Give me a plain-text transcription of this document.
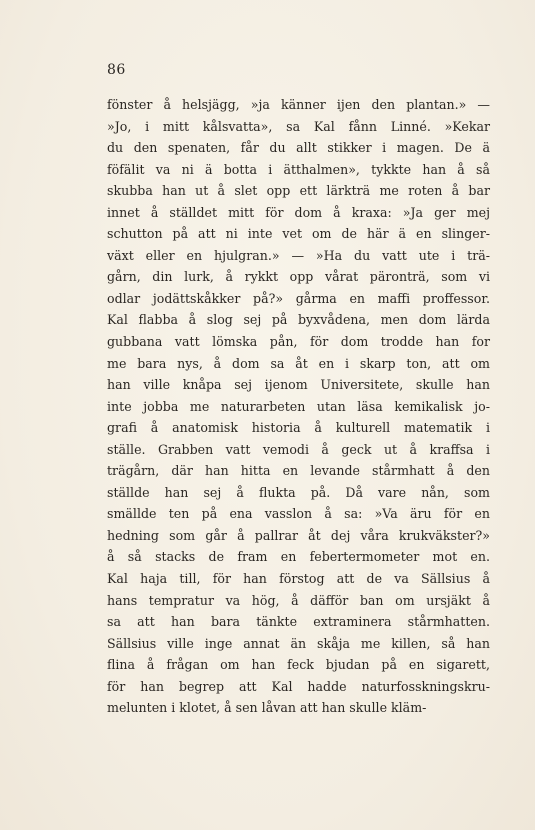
86
fönster å helsjägg, »ja känner ijen den plantan.» —
»Jo, i mitt kålsvatta», sa Kal fånn Linné. »Kekar
du den spenaten, får du allt stikker i magen. De ä
föfälit va ni ä botta i ätthalmen», tykkte han å så
skubba han ut å slet opp ett lärkträ me roten å bar
innet å ställdet mitt för dom å kraxa: »Ja ger mej
schutton på att ni inte vet om de här ä en slinger-
växt eller en hjulgran.» — »Ha du vatt ute i trä-
gårn, din lurk, å rykkt opp vårat päronträ, som vi
odlar jodättskåkker på?» gårma en maffi proffessor.
Kal flabba å slog sej på byxvådena, men dom lärda
gubbana vatt lömska pån, för dom trodde han for
me bara nys, å dom sa åt en i skarp ton, att om
han ville knåpa sej ijenom Universitete, skulle han
inte jobba me naturarbeten utan läsa kemikalisk jo-
grafi å anatomisk historia å kulturell matematik i
ställe. Grabben vatt vemodi å geck ut å kraffsa i
trägårn, där han hitta en levande stårmhatt å den
ställde han sej å flukta på. Då vare nån, som
smällde ten på ena vasslon å sa: »Va äru för en
hedning som går å pallrar åt dej våra krukväkster?»
å så stacks de fram en febertermometer mot en.
Kal haja till, för han förstog att de va Sällsius å
hans tempratur va hög, å däfför ban om ursjäkt å
sa att han bara tänkte extraminera stårmhatten.
Sällsius ville inge annat än skåja me killen, så han
flina å frågan om han feck bjudan på en sigarett,
för han begrep att Kal hadde naturfosskningskru-
melunten i klotet, å sen låvan att han skulle kläm-
